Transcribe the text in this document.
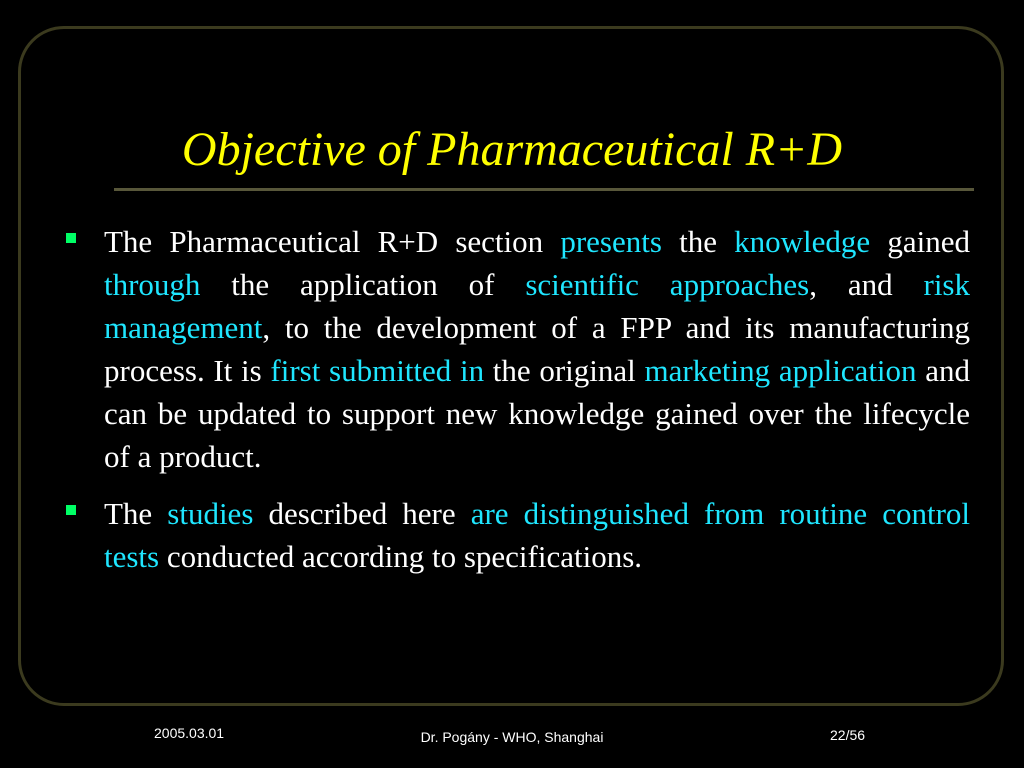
Objective of Pharmaceutical R+D
The Pharmaceutical R+D section presents the knowledge gained through the application of scientific approaches, and risk management, to the development of a FPP and its manufacturing process. It is first submitted in the original marketing application and can be updated to support new knowledge gained over the lifecycle of a product.
The studies described here are distinguished from routine control tests conducted according to specifications.
2005.03.01	Dr. Pogány - WHO, Shanghai	22/56
